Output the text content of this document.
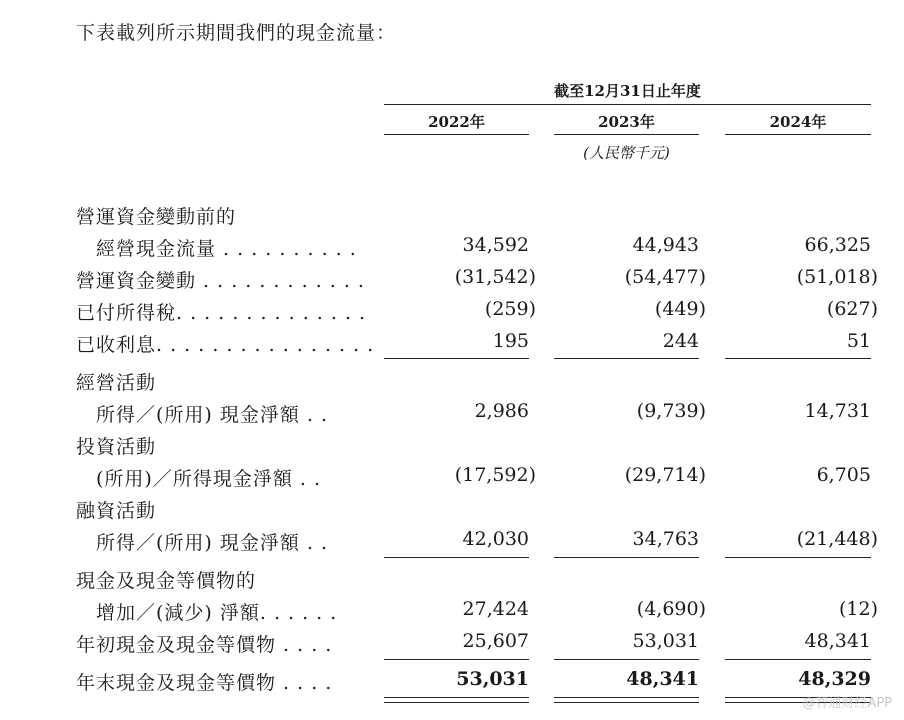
下表載列所示期間我們的現金流量：
截至12月31日止年度
2022年	2023年	2024年
(人民幣千元)
營運資金變動前的
經營現金流量 . . . . . . . . . .	34,592	44,943	66,325
營運資金變動 . . . . . . . . . . . .	(31,542)	(54,477)	(51,018)
已付所得稅. . . . . . . . . . . . . .	(259)	(449)	(627)
已收利息. . . . . . . . . . . . . . . .	195	244	51
經營活動
所得／(所用) 現金淨額 . .	2,986	(9,739)	14,731
投資活動
(所用)／所得現金淨額 . .	(17,592)	(29,714)	6,705
融資活動
所得／(所用) 現金淨額 . .	42,030	34,763	(21,448)
現金及現金等價物的
增加／(減少) 淨額. . . . . .	27,424	(4,690)	(12)
年初現金及現金等價物 . . . .	25,607	53,031	48,341
年末現金及現金等價物 . . . .	53,031	48,341	48,329
@智通财经APP
